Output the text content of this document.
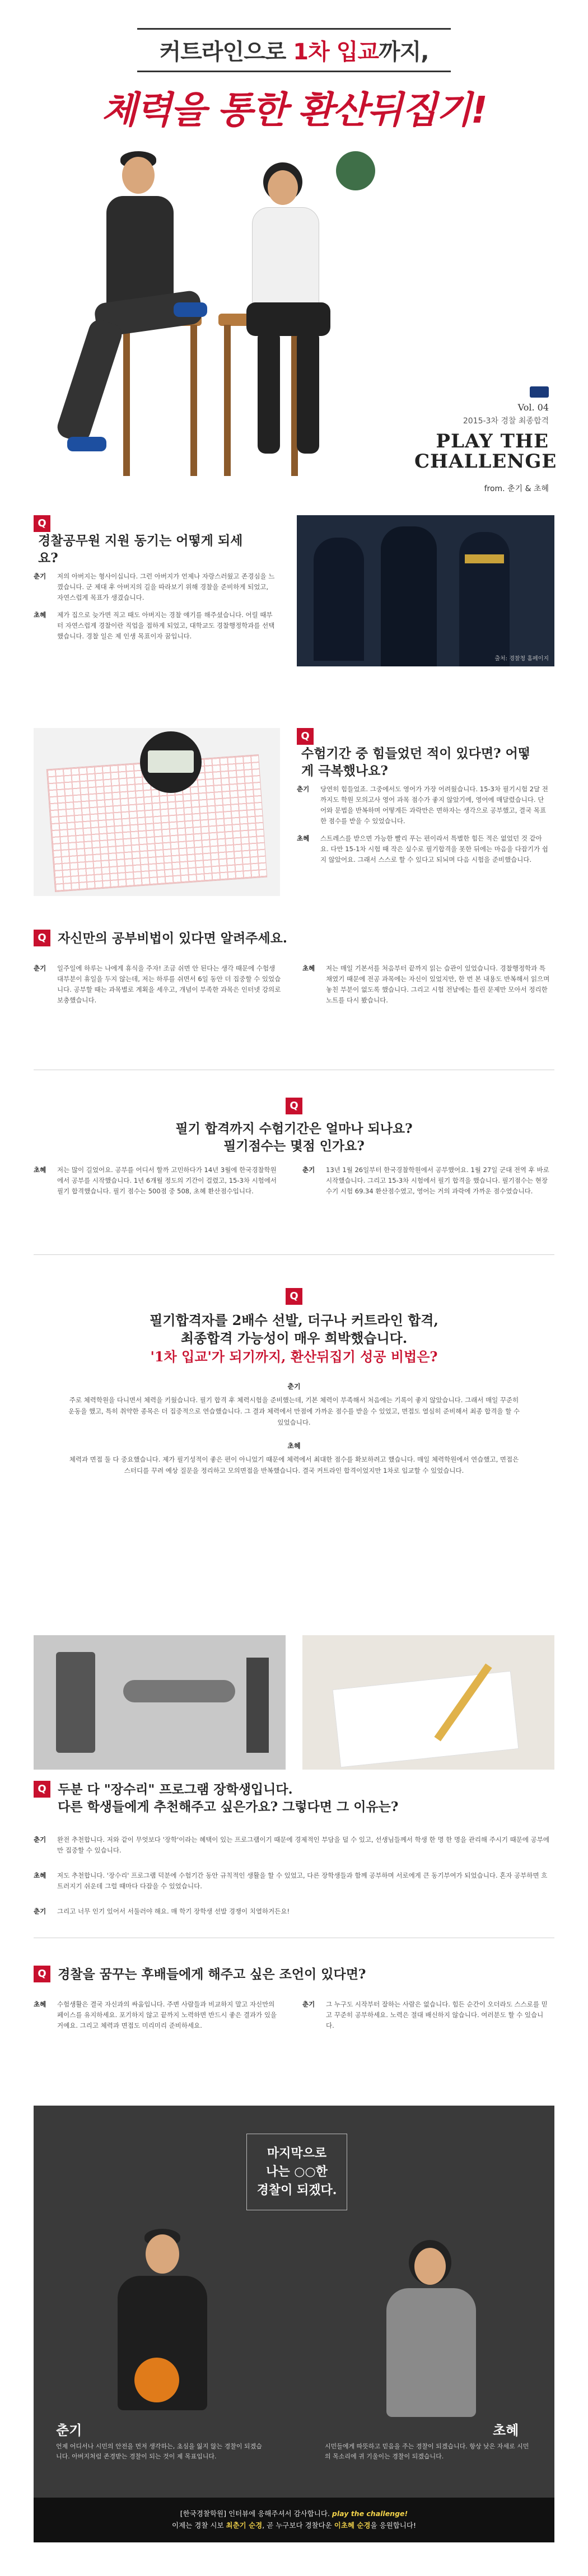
커트라인으로 1차 입교까지,
체력을 통한 환산뒤집기!
Vol. 04
2015-3차 경찰 최종합격
PLAY THE
CHALLENGE
from. 춘기 & 초혜
Q 경찰공무원 지원 동기는 어떻게 되세요?
춘기 저의 아버지는 형사이십니다. 그런 아버지가 언제나 자랑스러웠고 존경심을 느꼈습니다. 군 제대 후 아버지의 길을 따라보기 위해 경찰을 준비하게 되었고, 자연스럽게 목표가 생겼습니다.
초혜 제가 집으로 늦가면 직고 때도 아버지는 경찰 얘기를 해주셨습니다. 어릴 때부터 자연스럽게 경찰이란 직업을 접하게 되었고, 대학교도 경찰행정학과를 선택했습니다. 경찰 일은 제 인생 목표이자 꿈입니다.
출처: 경찰청 홈페이지
Q 수험기간 중 힘들었던 적이 있다면? 어떻게 극복했나요?
춘기 당연히 힘들었죠. 그중에서도 영어가 가장 어려웠습니다. 15-3차 필기시험 2달 전까지도 학원 모의고사 영어 과목 점수가 좋지 않았기에, 영어에 매달렸습니다. 단어와 문법을 반복하며 어떻게든 과락만은 면하자는 생각으로 공부했고, 결국 목표한 점수를 받을 수 있었습니다.
초혜 스트레스를 받으면 가능한 빨리 푸는 편이라서 특별한 힘든 적은 없었던 것 같아요. 다만 15-1차 시험 때 작은 실수로 필기합격을 못한 뒤에는 마음을 다잡기가 쉽지 않았어요. 그래서 스스로 할 수 있다고 되뇌며 다음 시험을 준비했습니다.
Q 자신만의 공부비법이 있다면 알려주세요.
춘기 일주일에 하루는 나에게 휴식을 주자! 조금 쉬면 안 된다는 생각 때문에 수험생 대부분이 휴일을 두지 않는데, 저는 하루를 쉬면서 6일 동안 더 집중할 수 있었습니다. 공부할 때는 과목별로 계획을 세우고, 개념이 부족한 과목은 인터넷 강의로 보충했습니다.
초혜 저는 매일 기본서를 처음부터 끝까지 읽는 습관이 있었습니다. 경찰행정학과 특채였기 때문에 전공 과목에는 자신이 있었지만, 한 번 본 내용도 반복해서 읽으며 놓친 부분이 없도록 했습니다. 그리고 시험 전날에는 틀린 문제만 모아서 정리한 노트를 다시 봤습니다.
Q
필기 합격까지 수험기간은 얼마나 되나요?
필기점수는 몇점 인가요?
초혜 저는 많이 길었어요. 공부를 어디서 할까 고민하다가 14년 3월에 한국경찰학원에서 공부를 시작했습니다. 1년 6개월 정도의 기간이 걸렸고, 15-3차 시험에서 필기 합격했습니다. 필기 점수는 500점 중 508, 초혜 환산점수입니다.
춘기 13년 1월 26일부터 한국경찰학원에서 공부했어요. 1월 27일 군대 전역 후 바로 시작했습니다. 그리고 15-3차 시험에서 필기 합격을 했습니다. 필기점수는 현장 수기 시험 69.34 환산점수였고, 영어는 거의 과락에 가까운 점수였습니다.
Q
필기합격자를 2배수 선발, 더구나 커트라인 합격,
최종합격 가능성이 매우 희박했습니다.
'1차 입교'가 되기까지, 환산뒤집기 성공 비법은?
춘기
주로 체력학원을 다니면서 체력을 키웠습니다. 필기 합격 후 체력시험을 준비했는데, 기본 체력이 부족해서 처음에는 기록이 좋지 않았습니다. 그래서 매일 꾸준히 운동을 했고, 특히 취약한 종목은 더 집중적으로 연습했습니다. 그 결과 체력에서 만점에 가까운 점수를 받을 수 있었고, 면접도 열심히 준비해서 최종 합격을 할 수 있었습니다.
초혜
체력과 면접 둘 다 중요했습니다. 제가 필기성적이 좋은 편이 아니었기 때문에 체력에서 최대한 점수를 확보하려고 했습니다. 매일 체력학원에서 연습했고, 면접은 스터디를 꾸려 예상 질문을 정리하고 모의면접을 반복했습니다. 결국 커트라인 합격이었지만 1차로 입교할 수 있었습니다.
Q 두분 다 "장수리" 프로그램 장학생입니다.
다른 학생들에게 추천해주고 싶은가요? 그렇다면 그 이유는?
춘기 완전 추천합니다. 저와 같이 무엇보다 '장학'이라는 혜택이 있는 프로그램이기 때문에 경제적인 부담을 덜 수 있고, 선생님들께서 학생 한 명 한 명을 관리해 주시기 때문에 공부에만 집중할 수 있습니다.
초혜 저도 추천합니다. '장수리' 프로그램 덕분에 수험기간 동안 규칙적인 생활을 할 수 있었고, 다른 장학생들과 함께 공부하며 서로에게 큰 동기부여가 되었습니다. 혼자 공부하면 흐트러지기 쉬운데 그럴 때마다 다잡을 수 있었습니다.
춘기 그리고 너무 인기 있어서 서둘러야 해요. 매 학기 장학생 선발 경쟁이 치열하거든요!
Q 경찰을 꿈꾸는 후배들에게 해주고 싶은 조언이 있다면?
초혜 수험생활은 결국 자신과의 싸움입니다. 주변 사람들과 비교하지 말고 자신만의 페이스를 유지하세요. 포기하지 않고 끝까지 노력하면 반드시 좋은 결과가 있을 거예요. 그리고 체력과 면접도 미리미리 준비하세요.
춘기 그 누구도 시작부터 잘하는 사람은 없습니다. 힘든 순간이 오더라도 스스로를 믿고 꾸준히 공부하세요. 노력은 절대 배신하지 않습니다. 여러분도 할 수 있습니다.
마지막으로
나는 ○○한
경찰이 되겠다.
춘기
언제 어디서나 시민의 안전을 먼저 생각하는, 초심을 잃지 않는 경찰이 되겠습니다. 아버지처럼 존경받는 경찰이 되는 것이 제 목표입니다.
초혜
시민들에게 따뜻하고 믿음을 주는 경찰이 되겠습니다. 항상 낮은 자세로 시민의 목소리에 귀 기울이는 경찰이 되겠습니다.
[한국경찰학원] 인터뷰에 응해주셔서 감사합니다. play the challenge!
이제는 경찰 시보 최춘기 순경, 곧 누구보다 경찰다운 이초혜 순경을 응원합니다!
